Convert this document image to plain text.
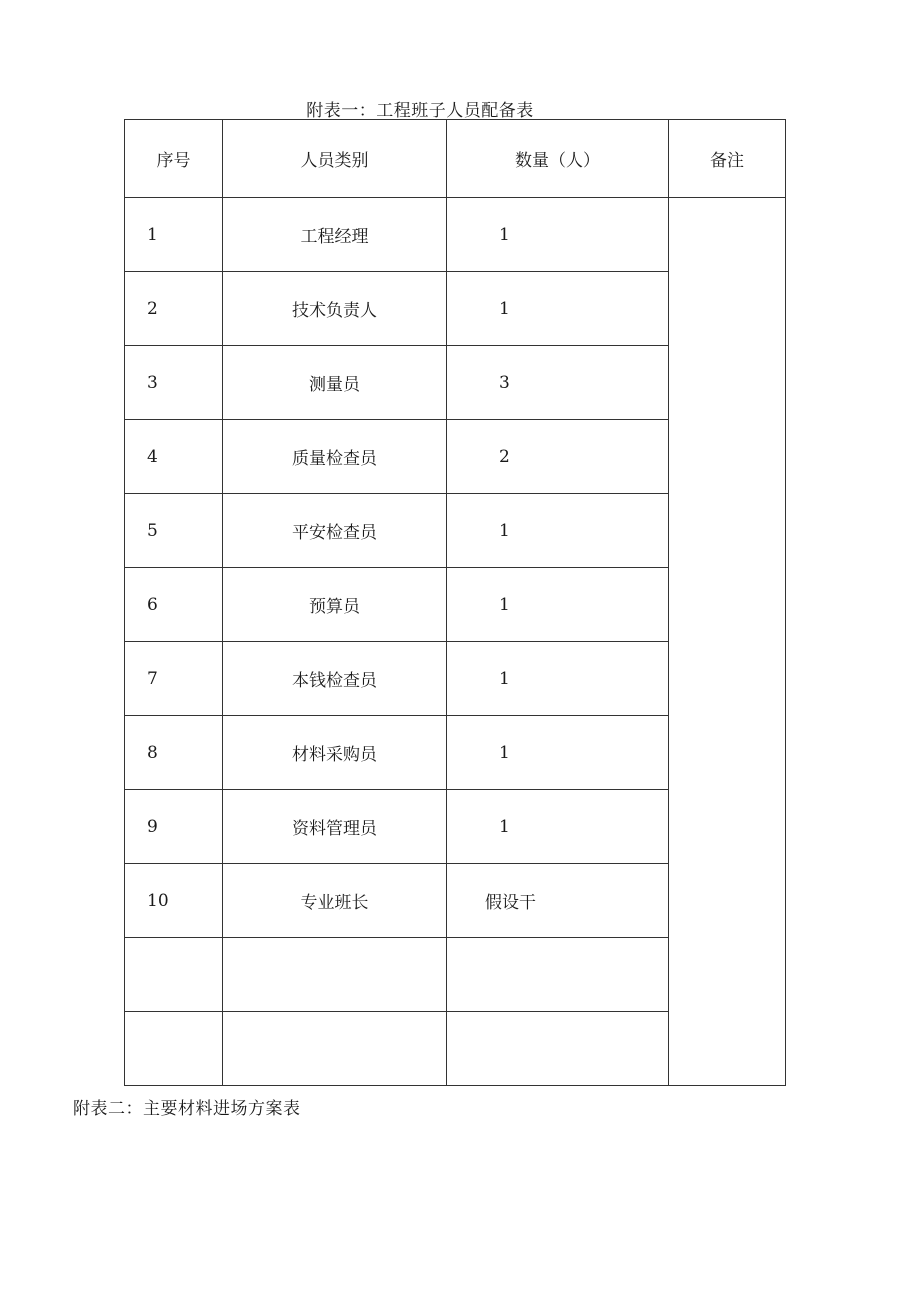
附表一：工程班子人员配备表
序号	人员类别	数量（人）	备注
1	工程经理	1	
2	技术负责人	1	
3	测量员	3	
4	质量检查员	2	
5	平安检查员	1	
6	预算员	1	
7	本钱检查员	1	
8	材料采购员	1	
9	资料管理员	1	
10	专业班长	假设干	

附表二：主要材料进场方案表
